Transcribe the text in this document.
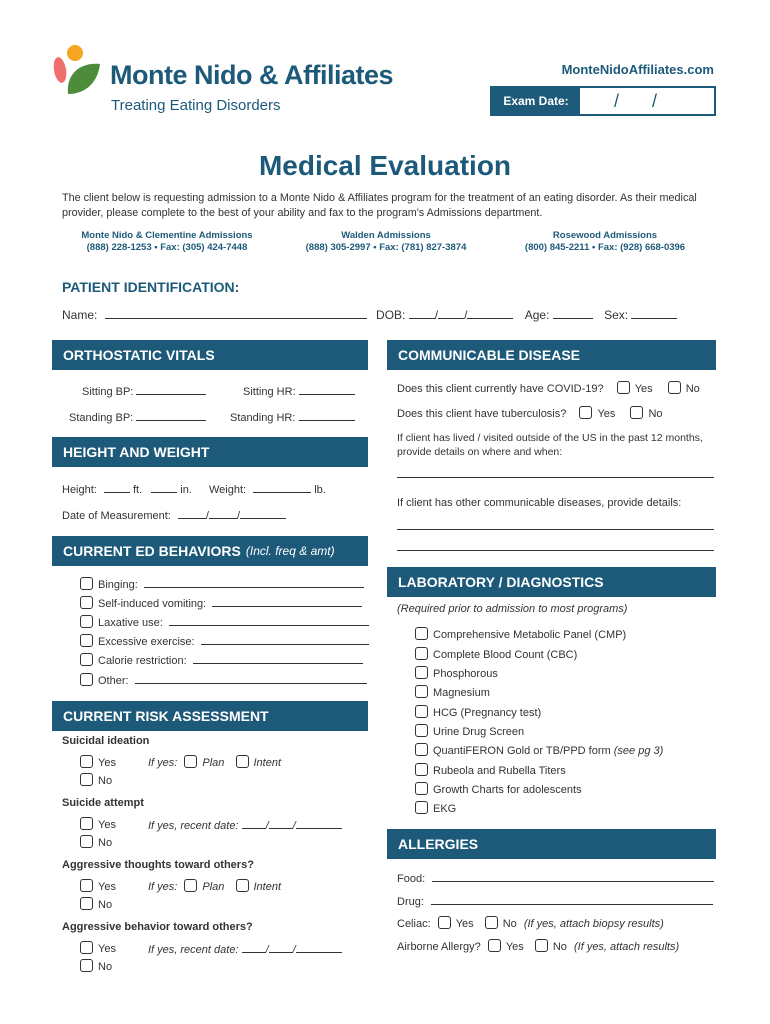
Monte Nido & Affiliates
Treating Eating Disorders
MonteNidoAffiliates.com
Exam Date:	/ /
Medical Evaluation
The client below is requesting admission to a Monte Nido & Affiliates program for the treatment of an eating disorder. As their medical provider, please complete to the best of your ability and fax to the program's Admissions department.
Monte Nido & Clementine Admissions
(888) 228-1253 • Fax: (305) 424-7448
Walden Admissions
(888) 305-2997 • Fax: (781) 827-3874
Rosewood Admissions
(800) 845-2211 • Fax: (928) 668-0396
PATIENT IDENTIFICATION:
Name:	DOB: / /	Age:	Sex:
ORTHOSTATIC VITALS
Sitting BP:	Sitting HR:
Standing BP:	Standing HR:
HEIGHT AND WEIGHT
Height:	ft.	in. Weight:	lb.
Date of Measurement:	/	/
CURRENT ED BEHAVIORS (Incl. freq & amt)
Binging:
Self-induced vomiting:
Laxative use:
Excessive exercise:
Calorie restriction:
Other:
CURRENT RISK ASSESSMENT
Suicidal ideation
Yes	If yes: Plan	Intent
No
Suicide attempt
Yes	If yes, recent date: / /
No
Aggressive thoughts toward others?
Yes	If yes: Plan	Intent
No
Aggressive behavior toward others?
Yes	If yes, recent date: / /
No
COMMUNICABLE DISEASE
Does this client currently have COVID-19?	Yes	No
Does this client have tuberculosis?	Yes	No
If client has lived / visited outside of the US in the past 12 months,
provide details on where and when:
If client has other communicable diseases, provide details:
LABORATORY / DIAGNOSTICS
(Required prior to admission to most programs)
Comprehensive Metabolic Panel (CMP)
Complete Blood Count (CBC)
Phosphorous
Magnesium
HCG (Pregnancy test)
Urine Drug Screen
QuantiFERON Gold or TB/PPD form (see pg 3)
Rubeola and Rubella Titers
Growth Charts for adolescents
EKG
ALLERGIES
Food:
Drug:
Celiac: Yes	No (If yes, attach biopsy results)
Airborne Allergy? Yes	No (If yes, attach results)
